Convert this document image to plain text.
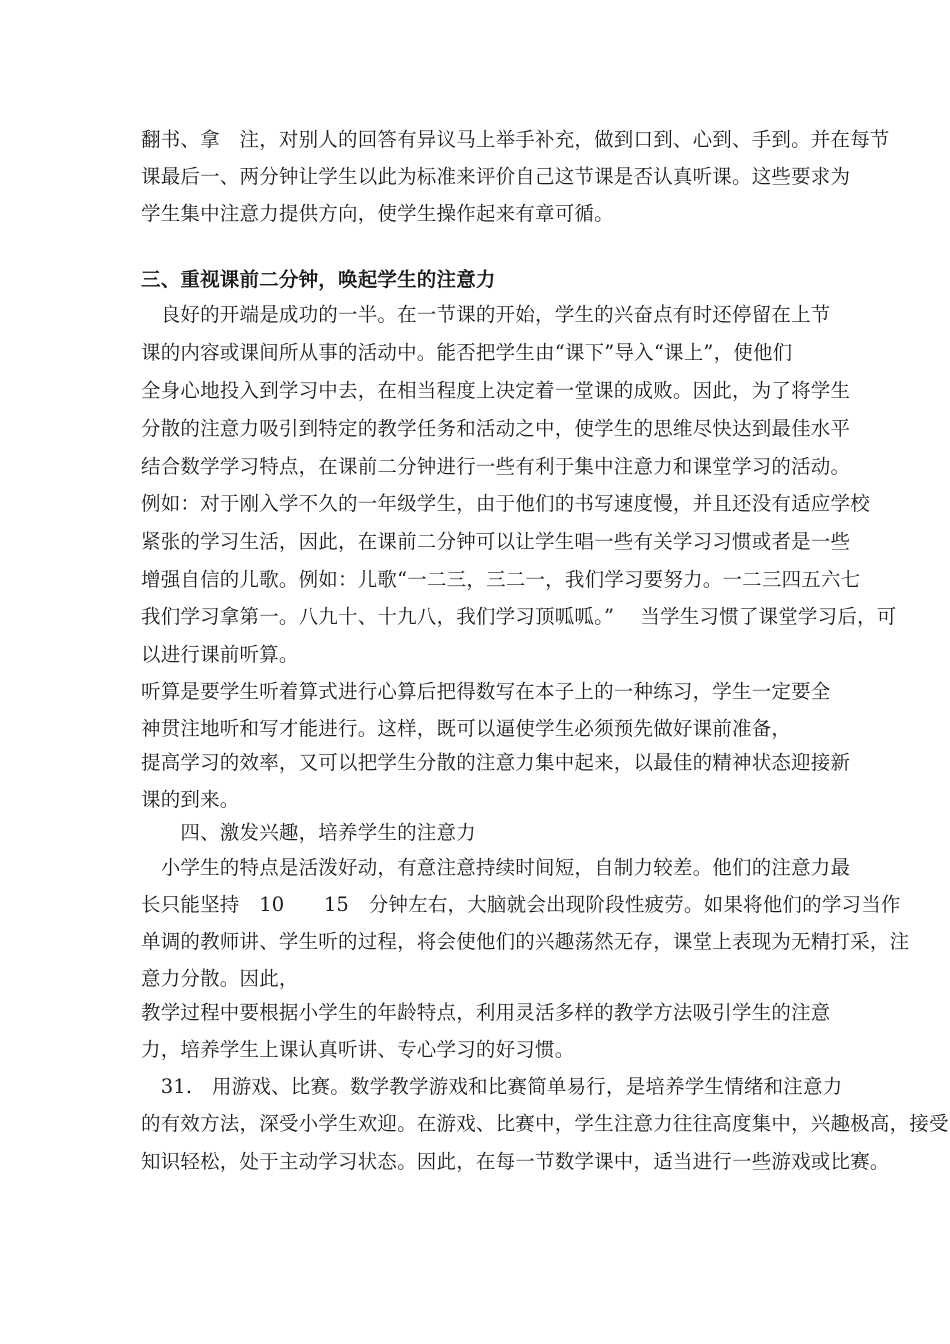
翻书、拿　注，对别人的回答有异议马上举手补充，做到口到、心到、手到。并在每节
课最后一、两分钟让学生以此为标准来评价自己这节课是否认真听课。这些要求为
学生集中注意力提供方向，使学生操作起来有章可循。
三、重视课前二分钟，唤起学生的注意力
　良好的开端是成功的一半。在一节课的开始，学生的兴奋点有时还停留在上节
课的内容或课间所从事的活动中。能否把学生由“课下”导入“课上”，使他们
全身心地投入到学习中去，在相当程度上决定着一堂课的成败。因此，为了将学生
分散的注意力吸引到特定的教学任务和活动之中，使学生的思维尽快达到最佳水平
结合数学学习特点，在课前二分钟进行一些有利于集中注意力和课堂学习的活动。
例如：对于刚入学不久的一年级学生，由于他们的书写速度慢，并且还没有适应学校
紧张的学习生活，因此，在课前二分钟可以让学生唱一些有关学习习惯或者是一些
增强自信的儿歌。例如：儿歌“一二三，三二一，我们学习要努力。一二三四五六七
我们学习拿第一。八九十、十九八，我们学习顶呱呱。”　 当学生习惯了课堂学习后，可
以进行课前听算。
听算是要学生听着算式进行心算后把得数写在本子上的一种练习，学生一定要全
神贯注地听和写才能进行。这样，既可以逼使学生必须预先做好课前准备，
提高学习的效率，又可以把学生分散的注意力集中起来，以最佳的精神状态迎接新
课的到来。
　　四、激发兴趣，培养学生的注意力
　小学生的特点是活泼好动，有意注意持续时间短，自制力较差。他们的注意力最
长只能坚持　10　　15　分钟左右，大脑就会出现阶段性疲劳。如果将他们的学习当作
单调的教师讲、学生听的过程，将会使他们的兴趣荡然无存，课堂上表现为无精打采，注
意力分散。因此，
教学过程中要根据小学生的年龄特点，利用灵活多样的教学方法吸引学生的注意
力，培养学生上课认真听讲、专心学习的好习惯。
　31.　用游戏、比赛。数学教学游戏和比赛简单易行，是培养学生情绪和注意力
的有效方法，深受小学生欢迎。在游戏、比赛中，学生注意力往往高度集中，兴趣极高，接受
知识轻松，处于主动学习状态。因此，在每一节数学课中，适当进行一些游戏或比赛。
